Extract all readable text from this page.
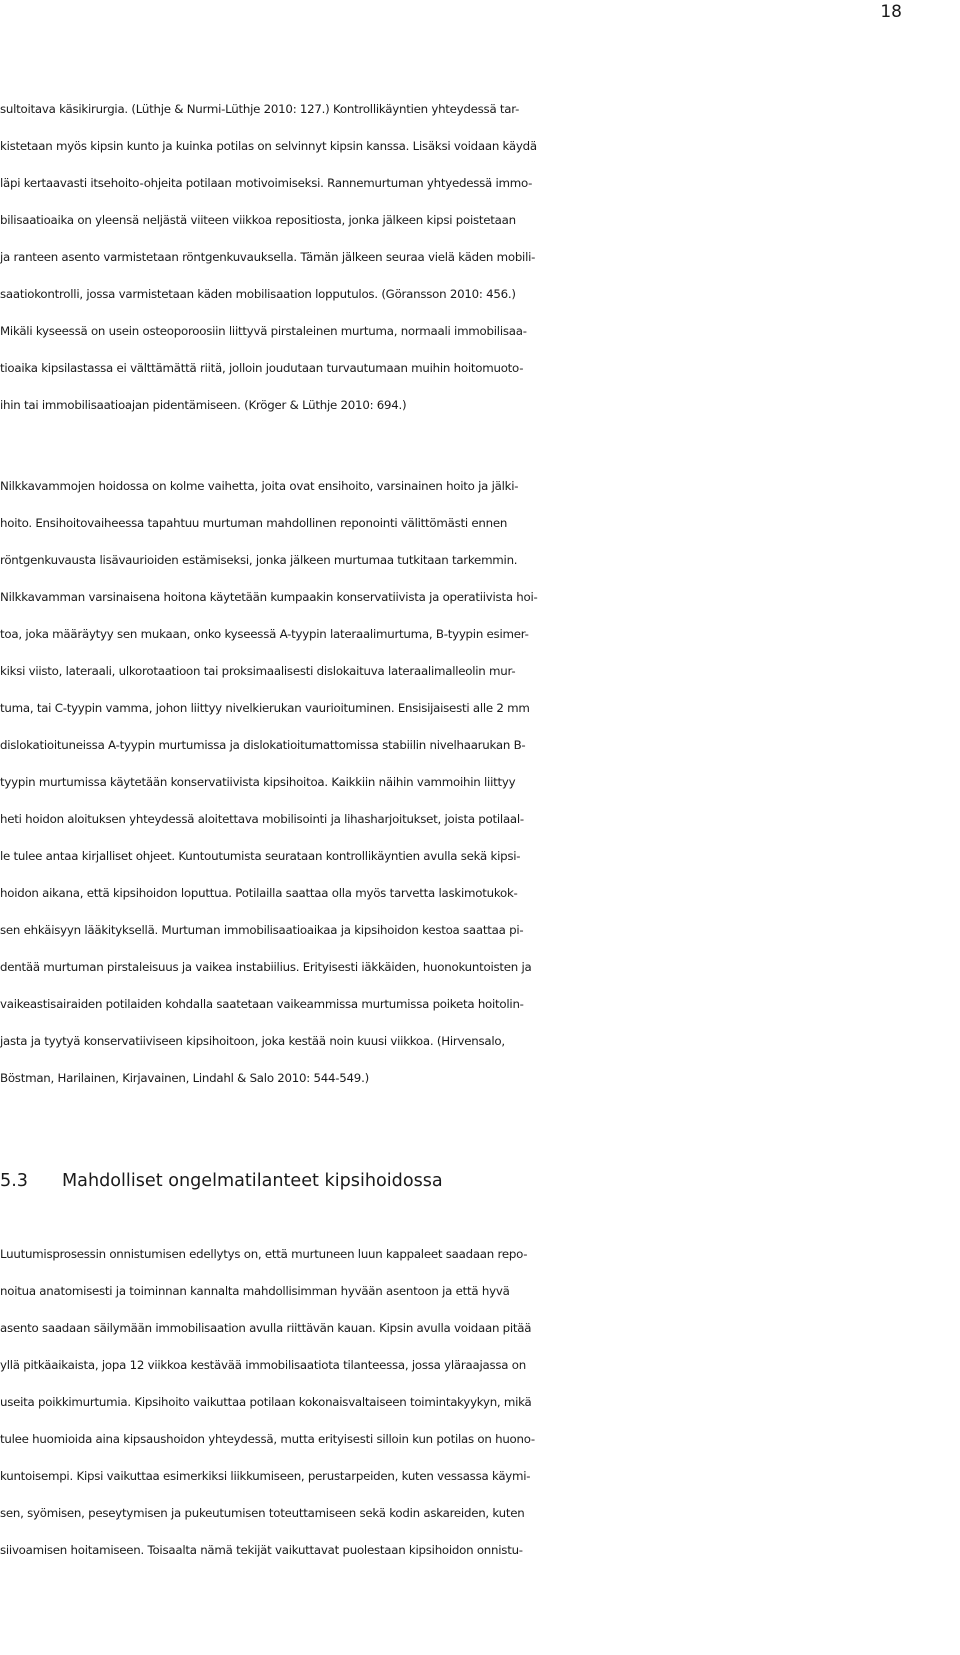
18
sultoitava käsikirurgia. (Lüthje & Nurmi-Lüthje 2010: 127.) Kontrollikäyntien yhteydessä tar-
kistetaan myös kipsin kunto ja kuinka potilas on selvinnyt kipsin kanssa. Lisäksi voidaan käydä
läpi kertaavasti itsehoito-ohjeita potilaan motivoimiseksi. Rannemurtuman yhtyedessä immo-
bilisaatioaika on yleensä neljästä viiteen viikkoa repositiosta, jonka jälkeen kipsi poistetaan
ja ranteen asento varmistetaan röntgenkuvauksella. Tämän jälkeen seuraa vielä käden mobili-
saatiokontrolli, jossa varmistetaan käden mobilisaation lopputulos. (Göransson 2010: 456.)
Mikäli kyseessä on usein osteoporoosiin liittyvä pirstaleinen murtuma, normaali immobilisaa-
tioaika kipsilastassa ei välttämättä riitä, jolloin joudutaan turvautumaan muihin hoitomuoto-
ihin tai immobilisaatioajan pidentämiseen. (Kröger & Lüthje 2010: 694.)
Nilkkavammojen hoidossa on kolme vaihetta, joita ovat ensihoito, varsinainen hoito ja jälki-
hoito. Ensihoitovaiheessa tapahtuu murtuman mahdollinen reponointi välittömästi ennen
röntgenkuvausta lisävaurioiden estämiseksi, jonka jälkeen murtumaa tutkitaan tarkemmin.
Nilkkavamman varsinaisena hoitona käytetään kumpaakin konservatiivista ja operatiivista hoi-
toa, joka määräytyy sen mukaan, onko kyseessä A-tyypin lateraalimurtuma, B-tyypin esimer-
kiksi viisto, lateraali, ulkorotaatioon tai proksimaalisesti dislokaituva lateraalimalleolin mur-
tuma, tai C-tyypin vamma, johon liittyy nivelkierukan vaurioituminen. Ensisijaisesti alle 2 mm
dislokatioituneissa A-tyypin murtumissa ja dislokatioitumattomissa stabiilin nivelhaarukan B-
tyypin murtumissa käytetään konservatiivista kipsihoitoa. Kaikkiin näihin vammoihin liittyy
heti hoidon aloituksen yhteydessä aloitettava mobilisointi ja lihasharjoitukset, joista potilaal-
le tulee antaa kirjalliset ohjeet. Kuntoutumista seurataan kontrollikäyntien avulla sekä kipsi-
hoidon aikana, että kipsihoidon loputtua. Potilailla saattaa olla myös tarvetta laskimotukok-
sen ehkäisyyn lääkityksellä. Murtuman immobilisaatioaikaa ja kipsihoidon kestoa saattaa pi-
dentää murtuman pirstaleisuus ja vaikea instabiilius. Erityisesti iäkkäiden, huonokuntoisten ja
vaikeastisairaiden potilaiden kohdalla saatetaan vaikeammissa murtumissa poiketa hoitolin-
jasta ja tyytyä konservatiiviseen kipsihoitoon, joka kestää noin kuusi viikkoa. (Hirvensalo,
Böstman, Harilainen, Kirjavainen, Lindahl & Salo 2010: 544-549.)
5.3 Mahdolliset ongelmatilanteet kipsihoidossa
Luutumisprosessin onnistumisen edellytys on, että murtuneen luun kappaleet saadaan repo-
noitua anatomisesti ja toiminnan kannalta mahdollisimman hyvään asentoon ja että hyvä
asento saadaan säilymään immobilisaation avulla riittävän kauan. Kipsin avulla voidaan pitää
yllä pitkäaikaista, jopa 12 viikkoa kestävää immobilisaatiota tilanteessa, jossa yläraajassa on
useita poikkimurtumia. Kipsihoito vaikuttaa potilaan kokonaisvaltaiseen toimintakyykyn, mikä
tulee huomioida aina kipsaushoidon yhteydessä, mutta erityisesti silloin kun potilas on huono-
kuntoisempi. Kipsi vaikuttaa esimerkiksi liikkumiseen, perustarpeiden, kuten vessassa käymi-
sen, syömisen, peseytymisen ja pukeutumisen toteuttamiseen sekä kodin askareiden, kuten
siivoamisen hoitamiseen. Toisaalta nämä tekijät vaikuttavat puolestaan kipsihoidon onnistu-
